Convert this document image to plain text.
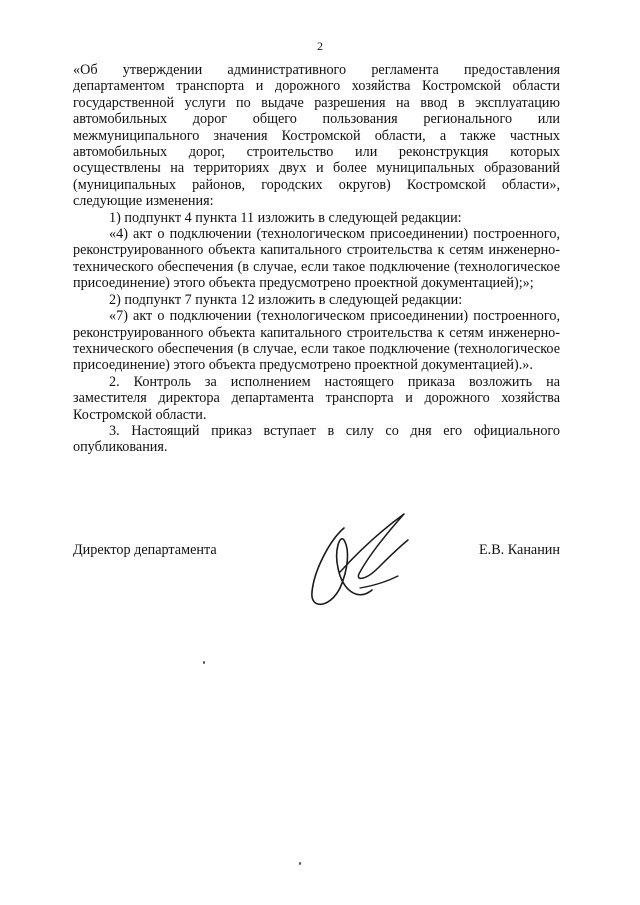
2

«Об утверждении административного регламента предоставления департаментом транспорта и дорожного хозяйства Костромской области государственной услуги по выдаче разрешения на ввод в эксплуатацию автомобильных дорог общего пользования регионального или межмуниципального значения Костромской области, а также частных автомобильных дорог, строительство или реконструкция которых осуществлены на территориях двух и более муниципальных образований (муниципальных районов, городских округов) Костромской области», следующие изменения:

1) подпункт 4 пункта 11 изложить в следующей редакции:

«4) акт о подключении (технологическом присоединении) построенного, реконструированного объекта капитального строительства к сетям инженерно-технического обеспечения (в случае, если такое подключение (технологическое присоединение) этого объекта предусмотрено проектной документацией);»;

2) подпункт 7 пункта 12 изложить в следующей редакции:

«7) акт о подключении (технологическом присоединении) построенного, реконструированного объекта капитального строительства к сетям инженерно-технического обеспечения (в случае, если такое подключение (технологическое присоединение) этого объекта предусмотрено проектной документацией).».

2. Контроль за исполнением настоящего приказа возложить на заместителя директора департамента транспорта и дорожного хозяйства Костромской области.

3. Настоящий приказ вступает в силу со дня его официального опубликования.

Директор департамента	Е.В. Кананин
